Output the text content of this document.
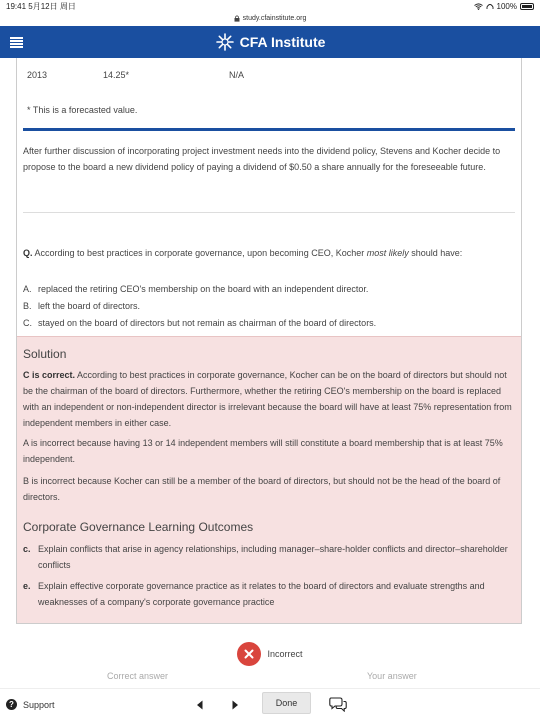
19:41 5月12日 周日	100%
study.cfainstitute.org
CFA Institute
2013	14.25*	N/A
* This is a forecasted value.
After further discussion of incorporating project investment needs into the dividend policy, Stevens and Kocher decide to propose to the board a new dividend policy of paying a dividend of $0.50 a share annually for the foreseeable future.
Q. According to best practices in corporate governance, upon becoming CEO, Kocher most likely should have:
A. replaced the retiring CEO's membership on the board with an independent director.
B. left the board of directors.
C. stayed on the board of directors but not remain as chairman of the board of directors.
Solution
C is correct. According to best practices in corporate governance, Kocher can be on the board of directors but should not be the chairman of the board of directors. Furthermore, whether the retiring CEO's membership on the board is replaced with an independent or non-independent director is irrelevant because the board will have at least 75% representation from independent members in either case.
A is incorrect because having 13 or 14 independent members will still constitute a board membership that is at least 75% independent.
B is incorrect because Kocher can still be a member of the board of directors, but should not be the head of the board of directors.
Corporate Governance Learning Outcomes
c. Explain conflicts that arise in agency relationships, including manager–share-holder conflicts and director–shareholder conflicts
e. Explain effective corporate governance practice as it relates to the board of directors and evaluate strengths and weaknesses of a company's corporate governance practice
Incorrect
Correct answer	Your answer
?	Support	Done
